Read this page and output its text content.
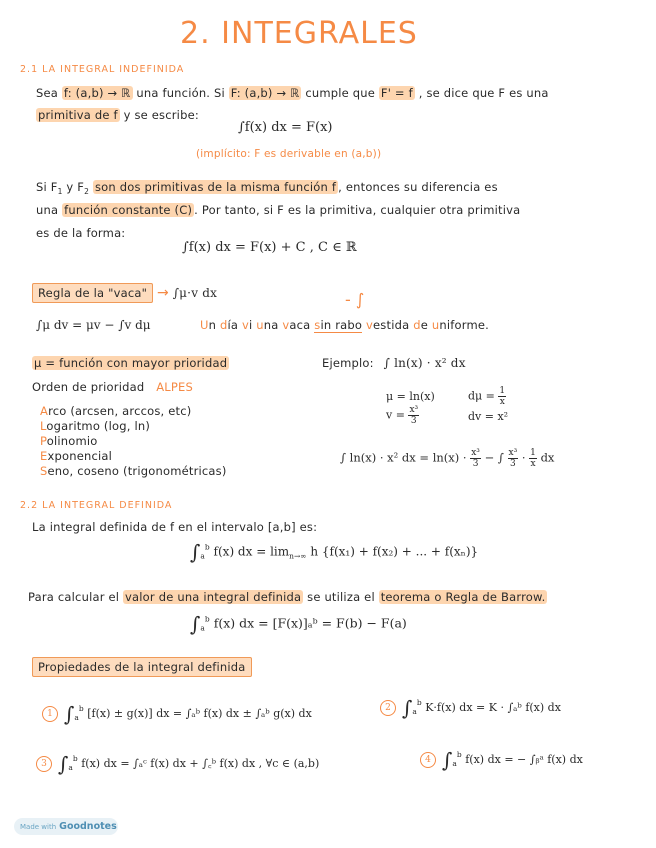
2. INTEGRALES
2.1 LA INTEGRAL INDEFINIDA
Sea f: (a,b) → ℝ una función. Si F: (a,b) → ℝ cumple que F' = f , se dice que F es una
primitiva de f y se escribe:
∫f(x) dx = F(x)
(implícito: F es derivable en (a,b))
Si $F_1$ y $F_2$ son dos primitivas de la misma función f , entonces su diferencia es
una función constante (C) . Por tanto, si F es la primitiva, cualquier otra primitiva
es de la forma:
∫f(x) dx = F(x) + C , C ∈ ℝ
Regla de la "vaca" → ∫μ·v dx	- ∫
∫μ dv = μv − ∫v dμ	Un día vi una vaca sin rabo vestida de uniforme.
μ = función con mayor prioridad
Orden de prioridad ALPES
Arco (arcsen, arccos, etc)
Logaritmo (log, ln)
Polinomio
Exponencial
Seno, coseno (trigonométricas)
Ejemplo: ∫ ln(x) · x² dx
μ = ln(x)	$d\mu = \frac{1}{x}$
$v = \frac{\text{x³}}{3}$	dv = x²
∫ ln(x) · x² dx = $\ln(x) \cdot \frac{\text{x³}}{3}$ − ∫ $\frac{\text{x³}}{3} \cdot \frac{1}{x}$ dx
2.2 LA INTEGRAL DEFINIDA
La integral definida de f en el intervalo [a,b] es:
$\int_a^b$ f(x) dx = $\lim_{n\to\infty} h$ {f(x₁) + f(x₂) + ... + f(xₙ)}
Para calcular el valor de una integral definida se utiliza el teorema o Regla de Barrow.
$\int_a^b$ f(x) dx = [F(x)]ₐᵇ = F(b) − F(a)
Propiedades de la integral definida
1 $\int_a^b$ [f(x) ± g(x)] dx = ∫ₐᵇ f(x) dx ± ∫ₐᵇ g(x) dx	2 $\int_a^b$ K·f(x) dx = K · ∫ₐᵇ f(x) dx
3 $\int_a^b$ f(x) dx = ∫ₐᶜ f(x) dx + ∫꜀ᵇ f(x) dx , ∀c ∈ (a,b)	4 $\int_a^b$ f(x) dx = − ∫ᵦᵃ f(x) dx
Made with Goodnotes
